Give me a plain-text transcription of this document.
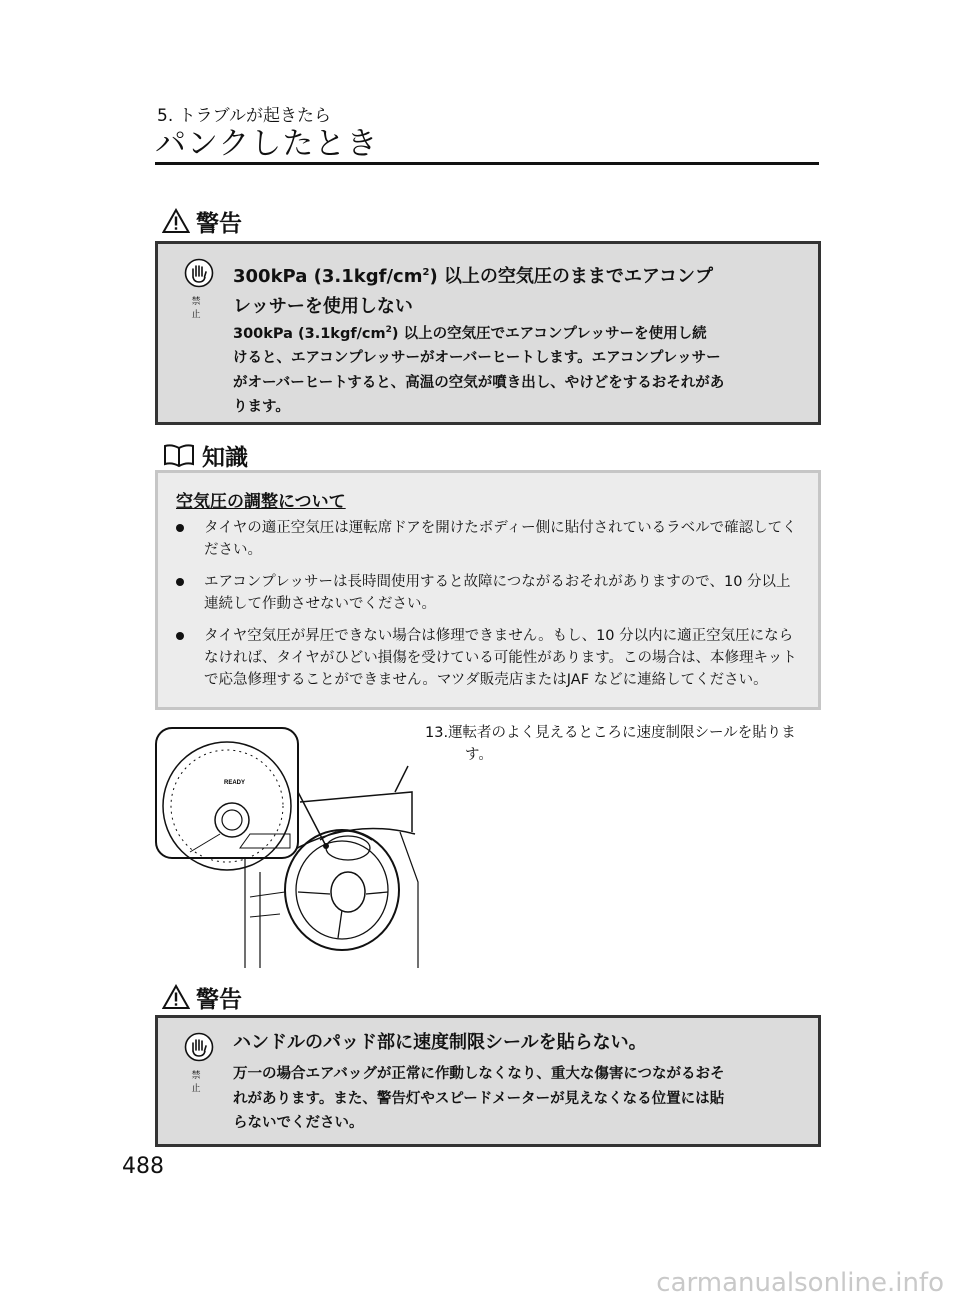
5. トラブルが起きたら
パンクしたとき
警告
禁 止
300kPa $(3.1kgf/cm^2)$ 以上の空気圧のままでエアコンプ
レッサーを使用しない
300kPa $(3.1kgf/cm^2)$ 以上の空気圧でエアコンプレッサーを使用し続
けると、エアコンプレッサーがオーバーヒートします。エアコンプレッサー
がオーバーヒートすると、高温の空気が噴き出し、やけどをするおそれがあ
ります。
知識
空気圧の調整について
タイヤの適正空気圧は運転席ドアを開けたボディー側に貼付されているラベルで確認してください。
エアコンプレッサーは長時間使用すると故障につながるおそれがありますので、10 分以上連続して作動させないでください。
タイヤ空気圧が昇圧できない場合は修理できません。もし、10 分以内に適正空気圧にならなければ、タイヤがひどい損傷を受けている可能性があります。この場合は、本修理キットで応急修理することができません。マツダ販売店またはJAF などに連絡してください。
READY
13.運転者のよく見えるところに速度制限シールを貼ります。
警告
禁 止
ハンドルのパッド部に速度制限シールを貼らない。
万一の場合エアバッグが正常に作動しなくなり、重大な傷害につながるおそ
れがあります。また、警告灯やスピードメーターが見えなくなる位置には貼
らないでください。
488
carmanualsonline.info
